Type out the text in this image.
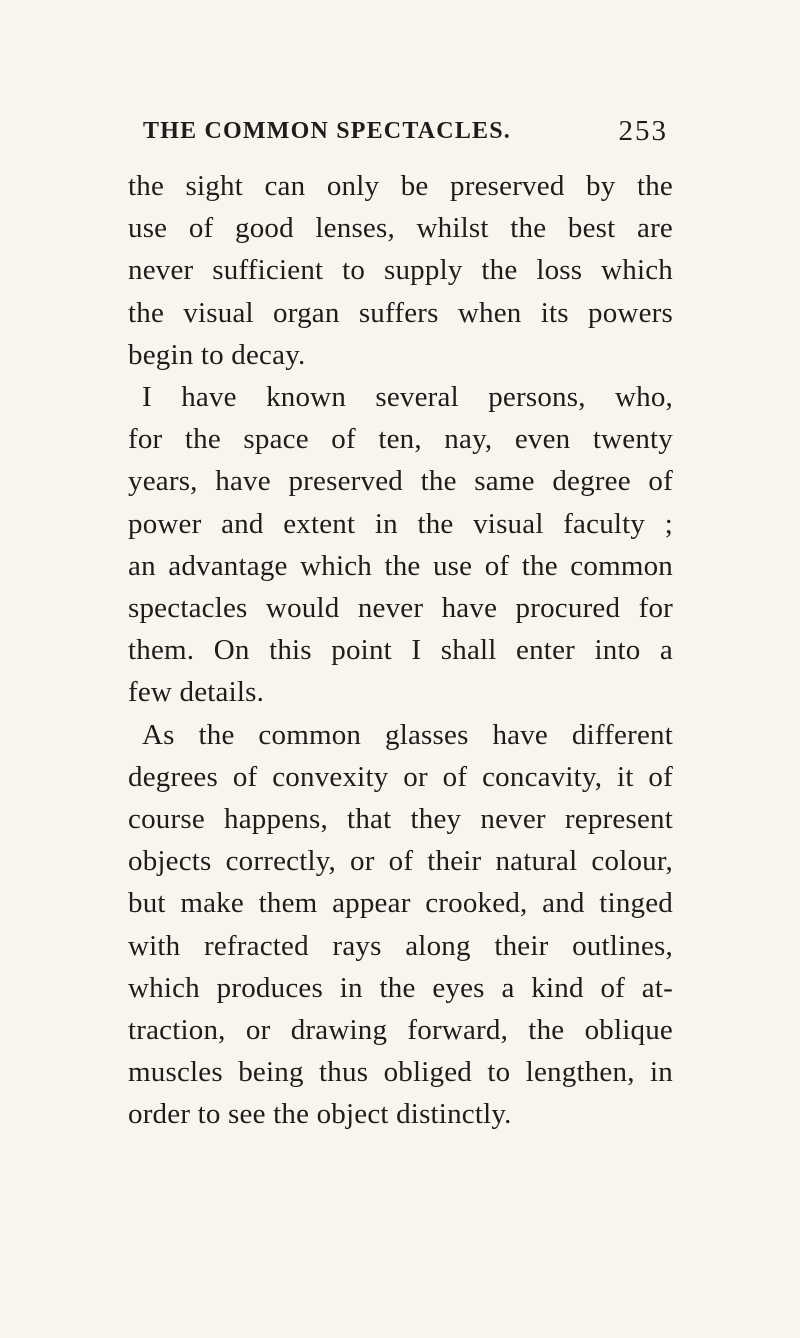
THE COMMON SPECTACLES.	253
the sight can only be preserved by the
use of good lenses, whilst the best are
never sufficient to supply the loss which
the visual organ suffers when its powers
begin to decay.
I have known several persons, who,
for the space of ten, nay, even twenty
years, have preserved the same degree of
power and extent in the visual faculty ;
an advantage which the use of the common
spectacles would never have procured for
them. On this point I shall enter into a
few details.
As the common glasses have different
degrees of convexity or of concavity, it of
course happens, that they never represent
objects correctly, or of their natural colour,
but make them appear crooked, and tinged
with refracted rays along their outlines,
which produces in the eyes a kind of at-
traction, or drawing forward, the oblique
muscles being thus obliged to lengthen, in
order to see the object distinctly.
